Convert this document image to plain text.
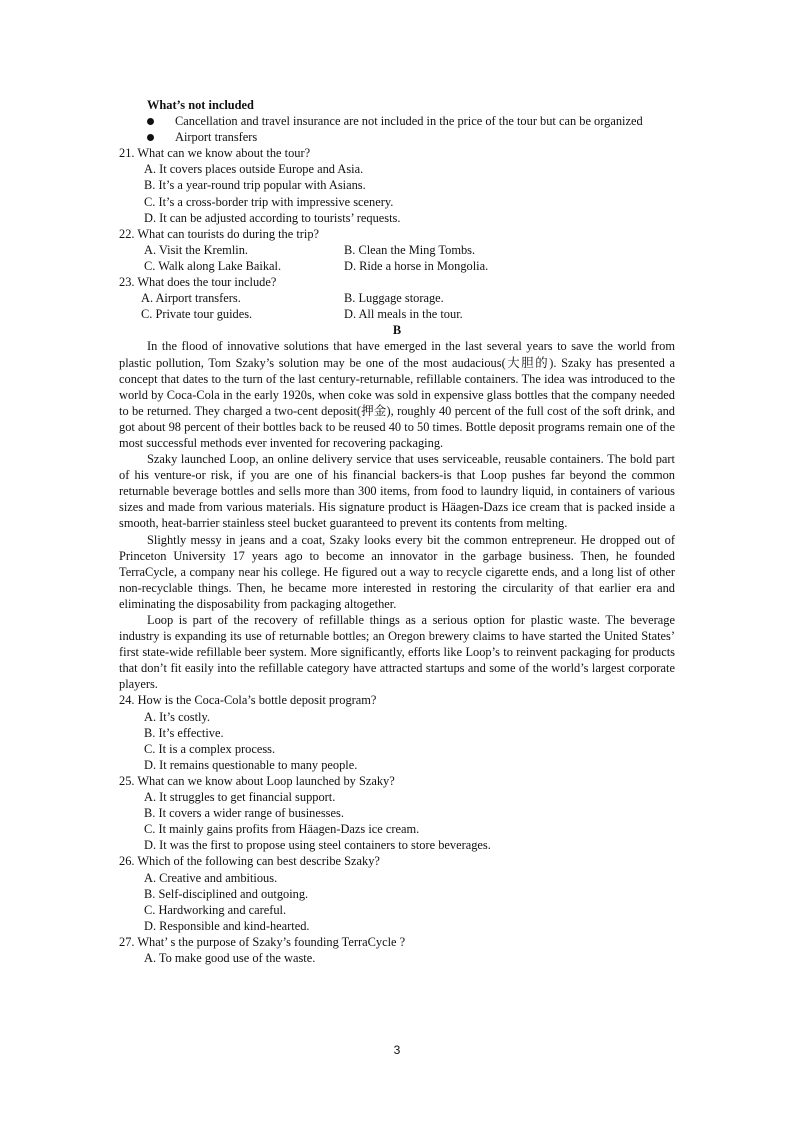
What’s not included
Cancellation and travel insurance are not included in the price of the tour but can be organized
Airport transfers
21. What can we know about the tour?
A. It covers places outside Europe and Asia.
B. It’s a year-round trip popular with Asians.
C. It’s a cross-border trip with impressive scenery.
D. It can be adjusted according to tourists’ requests.
22. What can tourists do during the trip?
A. Visit the Kremlin.	B. Clean the Ming Tombs.
C. Walk along Lake Baikal.	D. Ride a horse in Mongolia.
23. What does the tour include?
A. Airport transfers.	B. Luggage storage.
C. Private tour guides.	D. All meals in the tour.
B
In the flood of innovative solutions that have emerged in the last several years to save the world from plastic pollution, Tom Szaky’s solution may be one of the most audacious(大胆的). Szaky has presented a concept that dates to the turn of the last century-returnable, refillable containers. The idea was introduced to the world by Coca-Cola in the early 1920s, when coke was sold in expensive glass bottles that the company needed to be returned. They charged a two-cent deposit(押金), roughly 40 percent of the full cost of the soft drink, and got about 98 percent of their bottles back to be reused 40 to 50 times. Bottle deposit programs remain one of the most successful methods ever invented for recovering packaging.
Szaky launched Loop, an online delivery service that uses serviceable, reusable containers. The bold part of his venture-or risk, if you are one of his financial backers-is that Loop pushes far beyond the common returnable beverage bottles and sells more than 300 items, from food to laundry liquid, in containers of various sizes and made from various materials. His signature product is Häagen-Dazs ice cream that is packed inside a smooth, heat-barrier stainless steel bucket guaranteed to prevent its contents from melting.
Slightly messy in jeans and a coat, Szaky looks every bit the common entrepreneur. He dropped out of Princeton University 17 years ago to become an innovator in the garbage business. Then, he founded TerraCycle, a company near his college. He figured out a way to recycle cigarette ends, and a long list of other non-recyclable things. Then, he became more interested in restoring the circularity of that earlier era and eliminating the disposability from packaging altogether.
Loop is part of the recovery of refillable things as a serious option for plastic waste. The beverage industry is expanding its use of returnable bottles; an Oregon brewery claims to have started the United States’ first state-wide refillable beer system. More significantly, efforts like Loop’s to reinvent packaging for products that don’t fit easily into the refillable category have attracted startups and some of the world’s largest corporate players.
24. How is the Coca-Cola’s bottle deposit program?
A. It’s costly.
B. It’s effective.
C. It is a complex process.
D. It remains questionable to many people.
25. What can we know about Loop launched by Szaky?
A. It struggles to get financial support.
B. It covers a wider range of businesses.
C. It mainly gains profits from Häagen-Dazs ice cream.
D. It was the first to propose using steel containers to store beverages.
26. Which of the following can best describe Szaky?
A. Creative and ambitious.
B. Self-disciplined and outgoing.
C. Hardworking and careful.
D. Responsible and kind-hearted.
27. What’ s the purpose of Szaky’s founding TerraCycle ?
A. To make good use of the waste.
3
